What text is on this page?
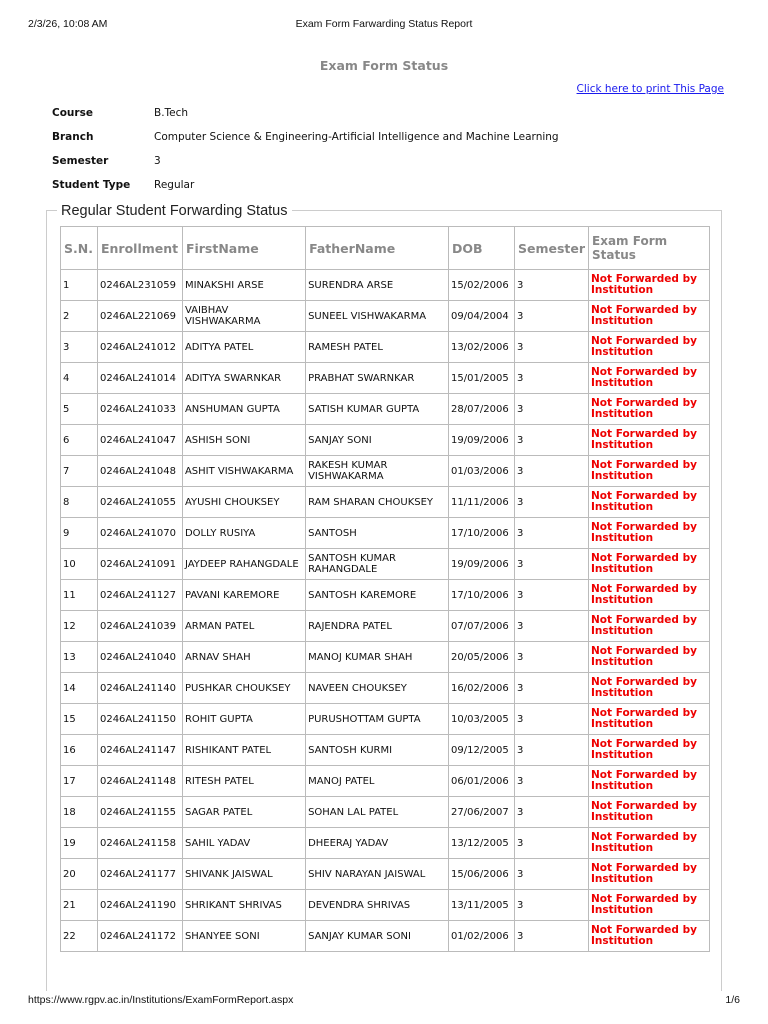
2/3/26, 10:08 AM	Exam Form Farwarding Status Report
Exam Form Status
Click here to print This Page
Course	B.Tech
Branch	Computer Science & Engineering-Artificial Intelligence and Machine Learning
Semester	3
Student Type	Regular
Regular Student Forwarding Status
S.N.	Enrollment	FirstName	FatherName	DOB	Semester	Exam Form Status
1	0246AL231059	MINAKSHI ARSE	SURENDRA ARSE	15/02/2006	3	Not Forwarded by Institution
2	0246AL221069	VAIBHAV VISHWAKARMA	SUNEEL VISHWAKARMA	09/04/2004	3	Not Forwarded by Institution
3	0246AL241012	ADITYA PATEL	RAMESH PATEL	13/02/2006	3	Not Forwarded by Institution
4	0246AL241014	ADITYA SWARNKAR	PRABHAT SWARNKAR	15/01/2005	3	Not Forwarded by Institution
5	0246AL241033	ANSHUMAN GUPTA	SATISH KUMAR GUPTA	28/07/2006	3	Not Forwarded by Institution
6	0246AL241047	ASHISH SONI	SANJAY SONI	19/09/2006	3	Not Forwarded by Institution
7	0246AL241048	ASHIT VISHWAKARMA	RAKESH KUMAR VISHWAKARMA	01/03/2006	3	Not Forwarded by Institution
8	0246AL241055	AYUSHI CHOUKSEY	RAM SHARAN CHOUKSEY	11/11/2006	3	Not Forwarded by Institution
9	0246AL241070	DOLLY RUSIYA	SANTOSH	17/10/2006	3	Not Forwarded by Institution
10	0246AL241091	JAYDEEP RAHANGDALE	SANTOSH KUMAR RAHANGDALE	19/09/2006	3	Not Forwarded by Institution
11	0246AL241127	PAVANI KAREMORE	SANTOSH KAREMORE	17/10/2006	3	Not Forwarded by Institution
12	0246AL241039	ARMAN PATEL	RAJENDRA PATEL	07/07/2006	3	Not Forwarded by Institution
13	0246AL241040	ARNAV SHAH	MANOJ KUMAR SHAH	20/05/2006	3	Not Forwarded by Institution
14	0246AL241140	PUSHKAR CHOUKSEY	NAVEEN CHOUKSEY	16/02/2006	3	Not Forwarded by Institution
15	0246AL241150	ROHIT GUPTA	PURUSHOTTAM GUPTA	10/03/2005	3	Not Forwarded by Institution
16	0246AL241147	RISHIKANT PATEL	SANTOSH KURMI	09/12/2005	3	Not Forwarded by Institution
17	0246AL241148	RITESH PATEL	MANOJ PATEL	06/01/2006	3	Not Forwarded by Institution
18	0246AL241155	SAGAR PATEL	SOHAN LAL PATEL	27/06/2007	3	Not Forwarded by Institution
19	0246AL241158	SAHIL YADAV	DHEERAJ YADAV	13/12/2005	3	Not Forwarded by Institution
20	0246AL241177	SHIVANK JAISWAL	SHIV NARAYAN JAISWAL	15/06/2006	3	Not Forwarded by Institution
21	0246AL241190	SHRIKANT SHRIVAS	DEVENDRA SHRIVAS	13/11/2005	3	Not Forwarded by Institution
22	0246AL241172	SHANYEE SONI	SANJAY KUMAR SONI	01/02/2006	3	Not Forwarded by Institution
https://www.rgpv.ac.in/Institutions/ExamFormReport.aspx	1/6
